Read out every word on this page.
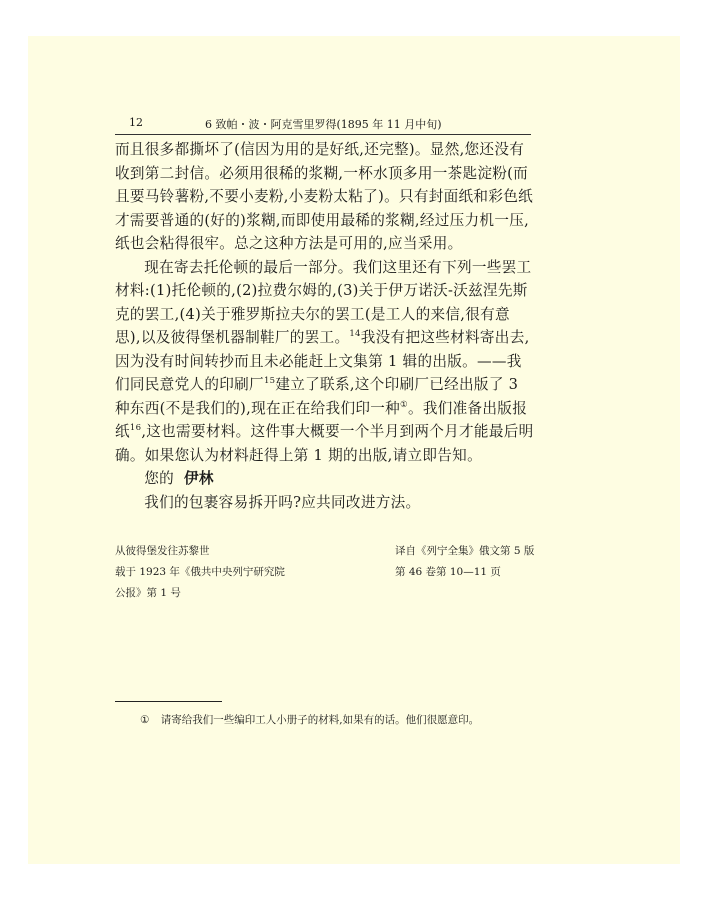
12	6 致帕・波・阿克雪里罗得(1895 年 11 月中旬)

而且很多都撕坏了(信因为用的是好纸,还完整)。显然,您还没有收到第二封信。必须用很稀的浆糊,一杯水顶多用一茶匙淀粉(而且要马铃薯粉,不要小麦粉,小麦粉太粘了)。只有封面纸和彩色纸才需要普通的(好的)浆糊,而即使用最稀的浆糊,经过压力机一压,纸也会粘得很牢。总之这种方法是可用的,应当采用。

现在寄去托伦顿的最后一部分。我们这里还有下列一些罢工材料:(1)托伦顿的,(2)拉费尔姆的,(3)关于伊万诺沃-沃兹涅先斯克的罢工,(4)关于雅罗斯拉夫尔的罢工(是工人的来信,很有意思),以及彼得堡机器制鞋厂的罢工。$^{14}$我没有把这些材料寄出去,因为没有时间转抄而且未必能赶上文集第 1 辑的出版。——我们同民意党人的印刷厂$^{15}$建立了联系,这个印刷厂已经出版了 3 种东西(不是我们的),现在正在给我们印一种①。我们准备出版报纸$^{16}$,这也需要材料。这件事大概要一个半月到两个月才能最后明确。如果您认为材料赶得上第 1 期的出版,请立即告知。

您的 伊林

我们的包裹容易拆开吗?应共同改进方法。

从彼得堡发往苏黎世
载于 1923 年《俄共中央列宁研究院
公报》第 1 号
译自《列宁全集》俄文第 5 版
第 46 卷第 10—11 页
① 请寄给我们一些编印工人小册子的材料,如果有的话。他们很愿意印。
